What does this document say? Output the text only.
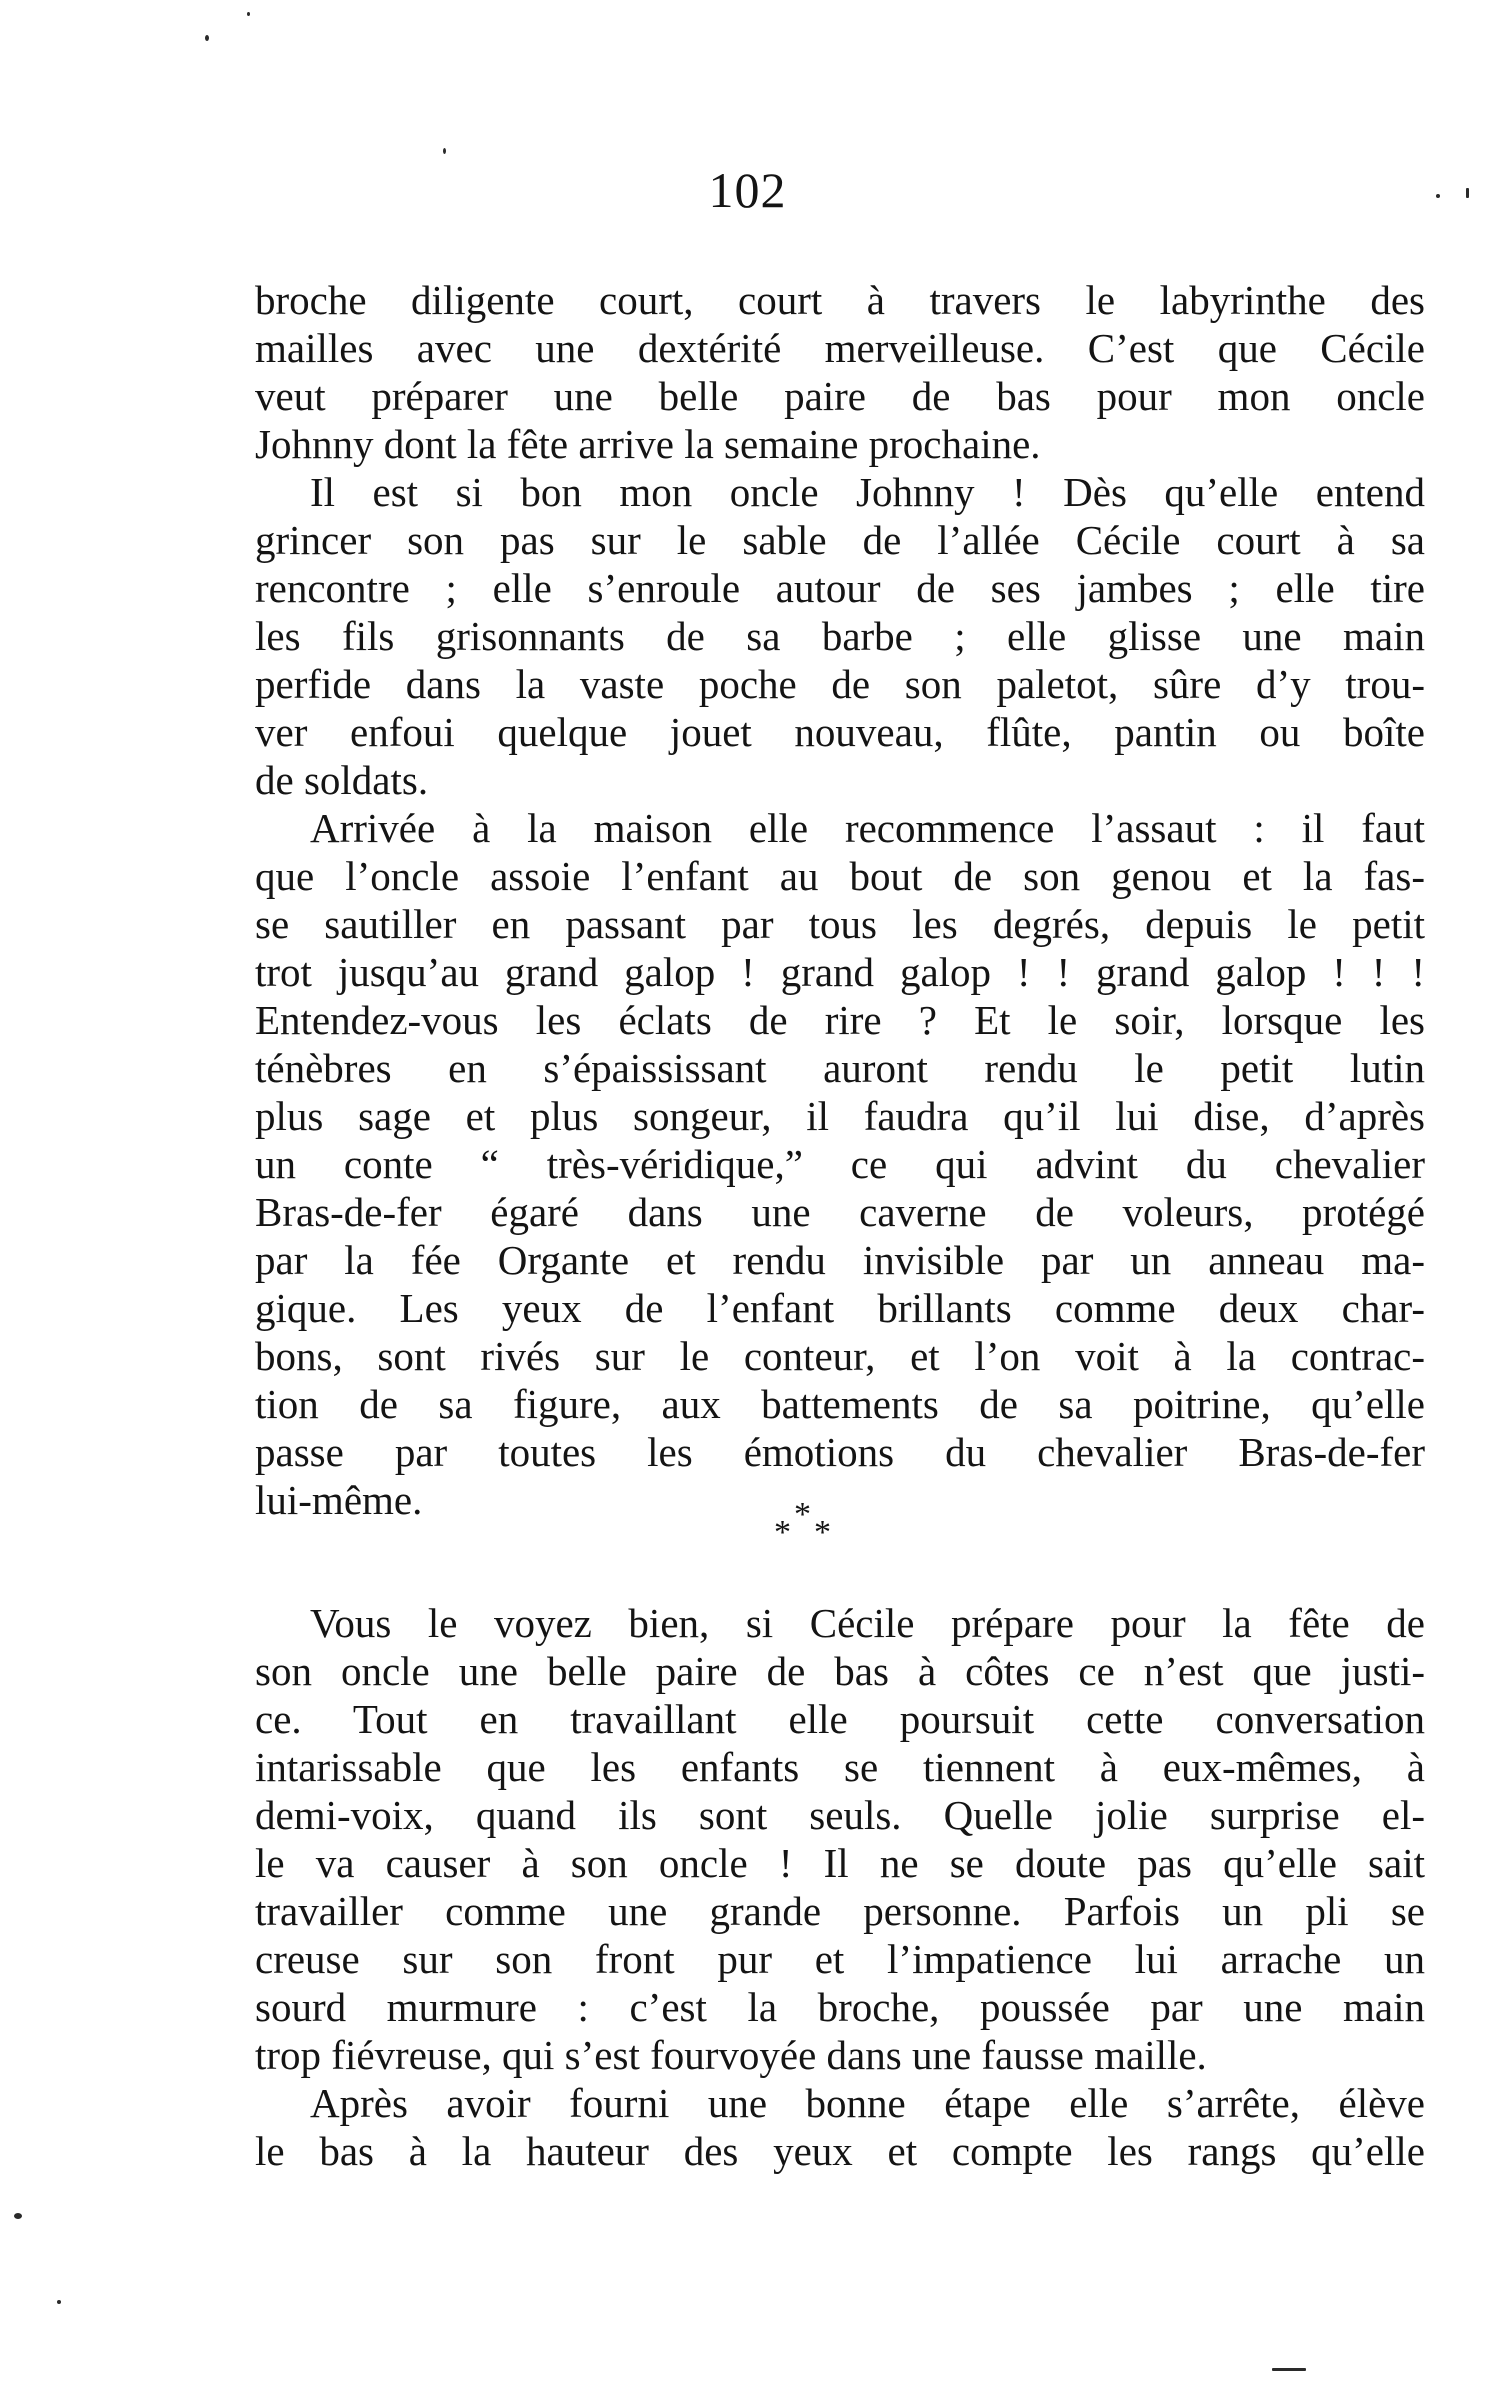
102
broche diligente court, court à travers le labyrinthe des
mailles avec une dextérité merveilleuse. C’est que Cécile
veut préparer une belle paire de bas pour mon oncle
Johnny dont la fête arrive la semaine prochaine.
Il est si bon mon oncle Johnny ! Dès qu’elle entend
grincer son pas sur le sable de l’allée Cécile court à sa
rencontre ; elle s’enroule autour de ses jambes ; elle tire
les fils grisonnants de sa barbe ; elle glisse une main
perfide dans la vaste poche de son paletot, sûre d’y trou-
ver enfoui quelque jouet nouveau, flûte, pantin ou boîte
de soldats.
Arrivée à la maison elle recommence l’assaut : il faut
que l’oncle assoie l’enfant au bout de son genou et la fas-
se sautiller en passant par tous les degrés, depuis le petit
trot jusqu’au grand galop ! grand galop ! ! grand galop ! ! !
Entendez-vous les éclats de rire ? Et le soir, lorsque les
ténèbres en s’épaississant auront rendu le petit lutin
plus sage et plus songeur, il faudra qu’il lui dise, d’après
un conte “ très-véridique,” ce qui advint du chevalier
Bras-de-fer égaré dans une caverne de voleurs, protégé
par la fée Organte et rendu invisible par un anneau ma-
gique. Les yeux de l’enfant brillants comme deux char-
bons, sont rivés sur le conteur, et l’on voit à la contrac-
tion de sa figure, aux battements de sa poitrine, qu’elle
passe par toutes les émotions du chevalier Bras-de-fer
lui-même.	*
* *
Vous le voyez bien, si Cécile prépare pour la fête de
son oncle une belle paire de bas à côtes ce n’est que justi-
ce. Tout en travaillant elle poursuit cette conversation
intarissable que les enfants se tiennent à eux-mêmes, à
demi-voix, quand ils sont seuls. Quelle jolie surprise el-
le va causer à son oncle ! Il ne se doute pas qu’elle sait
travailler comme une grande personne. Parfois un pli se
creuse sur son front pur et l’impatience lui arrache un
sourd murmure : c’est la broche, poussée par une main
trop fiévreuse, qui s’est fourvoyée dans une fausse maille.
Après avoir fourni une bonne étape elle s’arrête, élève
le bas à la hauteur des yeux et compte les rangs qu’elle
